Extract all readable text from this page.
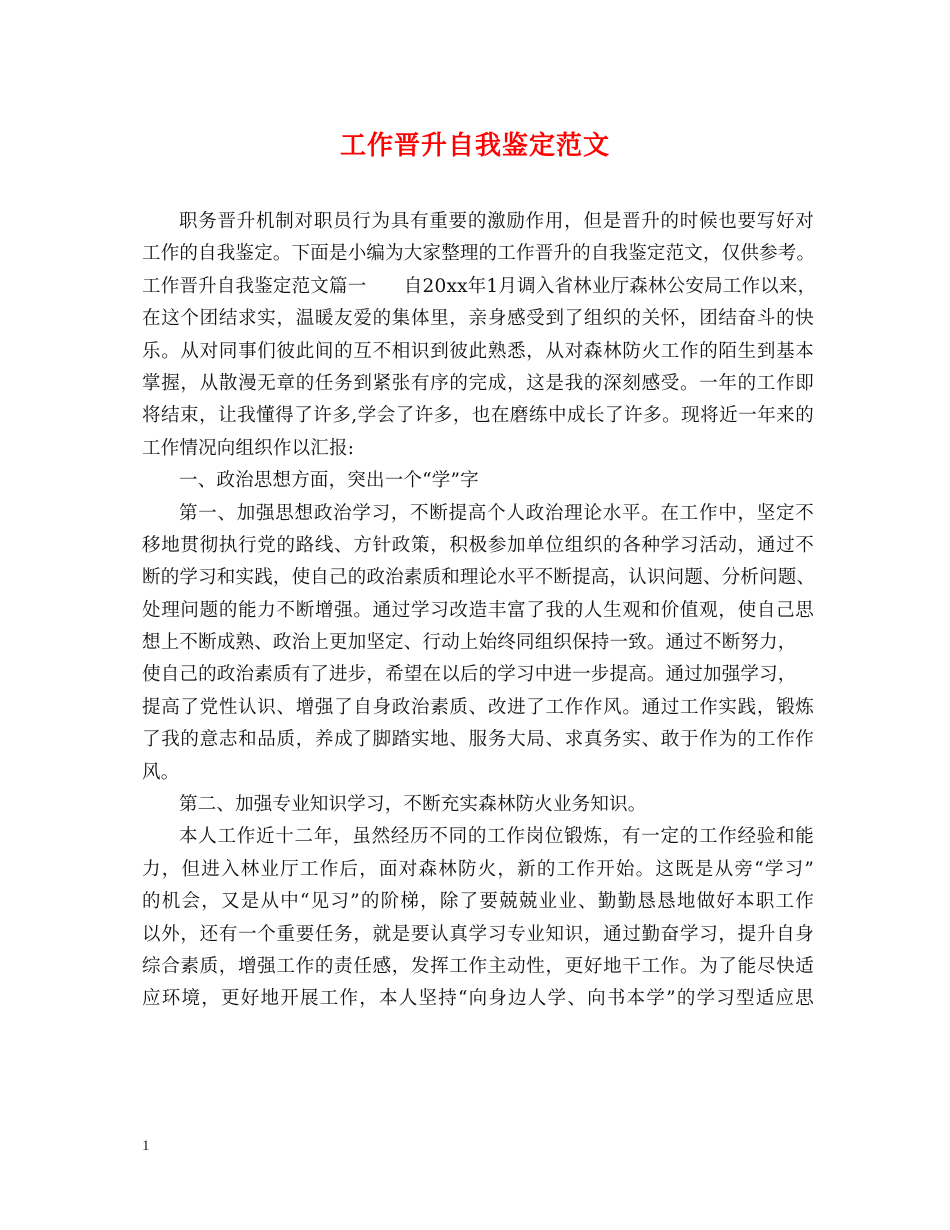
工作晋升自我鉴定范文
职务晋升机制对职员行为具有重要的激励作用，但是晋升的时候也要写好对
工作的自我鉴定。下面是小编为大家整理的工作晋升的自我鉴定范文，仅供参考。
工作晋升自我鉴定范文篇一　　自20xx年1月调入省林业厅森林公安局工作以来，
在这个团结求实，温暖友爱的集体里，亲身感受到了组织的关怀，团结奋斗的快
乐。从对同事们彼此间的互不相识到彼此熟悉，从对森林防火工作的陌生到基本
掌握，从散漫无章的任务到紧张有序的完成，这是我的深刻感受。一年的工作即
将结束，让我懂得了许多,学会了许多，也在磨练中成长了许多。现将近一年来的
工作情况向组织作以汇报:
一、政治思想方面，突出一个“学”字
第一、加强思想政治学习，不断提高个人政治理论水平。在工作中，坚定不
移地贯彻执行党的路线、方针政策，积极参加单位组织的各种学习活动，通过不
断的学习和实践，使自己的政治素质和理论水平不断提高，认识问题、分析问题、
处理问题的能力不断增强。通过学习改造丰富了我的人生观和价值观，使自己思
想上不断成熟、政治上更加坚定、行动上始终同组织保持一致。通过不断努力，
使自己的政治素质有了进步，希望在以后的学习中进一步提高。通过加强学习，
提高了党性认识、增强了自身政治素质、改进了工作作风。通过工作实践，锻炼
了我的意志和品质，养成了脚踏实地、服务大局、求真务实、敢于作为的工作作
风。
第二、加强专业知识学习，不断充实森林防火业务知识。
本人工作近十二年，虽然经历不同的工作岗位锻炼，有一定的工作经验和能
力，但进入林业厅工作后，面对森林防火，新的工作开始。这既是从旁“学习”
的机会，又是从中“见习”的阶梯，除了要兢兢业业、勤勤恳恳地做好本职工作
以外，还有一个重要任务，就是要认真学习专业知识，通过勤奋学习，提升自身
综合素质，增强工作的责任感，发挥工作主动性，更好地干工作。为了能尽快适
应环境，更好地开展工作，本人坚持“向身边人学、向书本学”的学习型适应思
1
